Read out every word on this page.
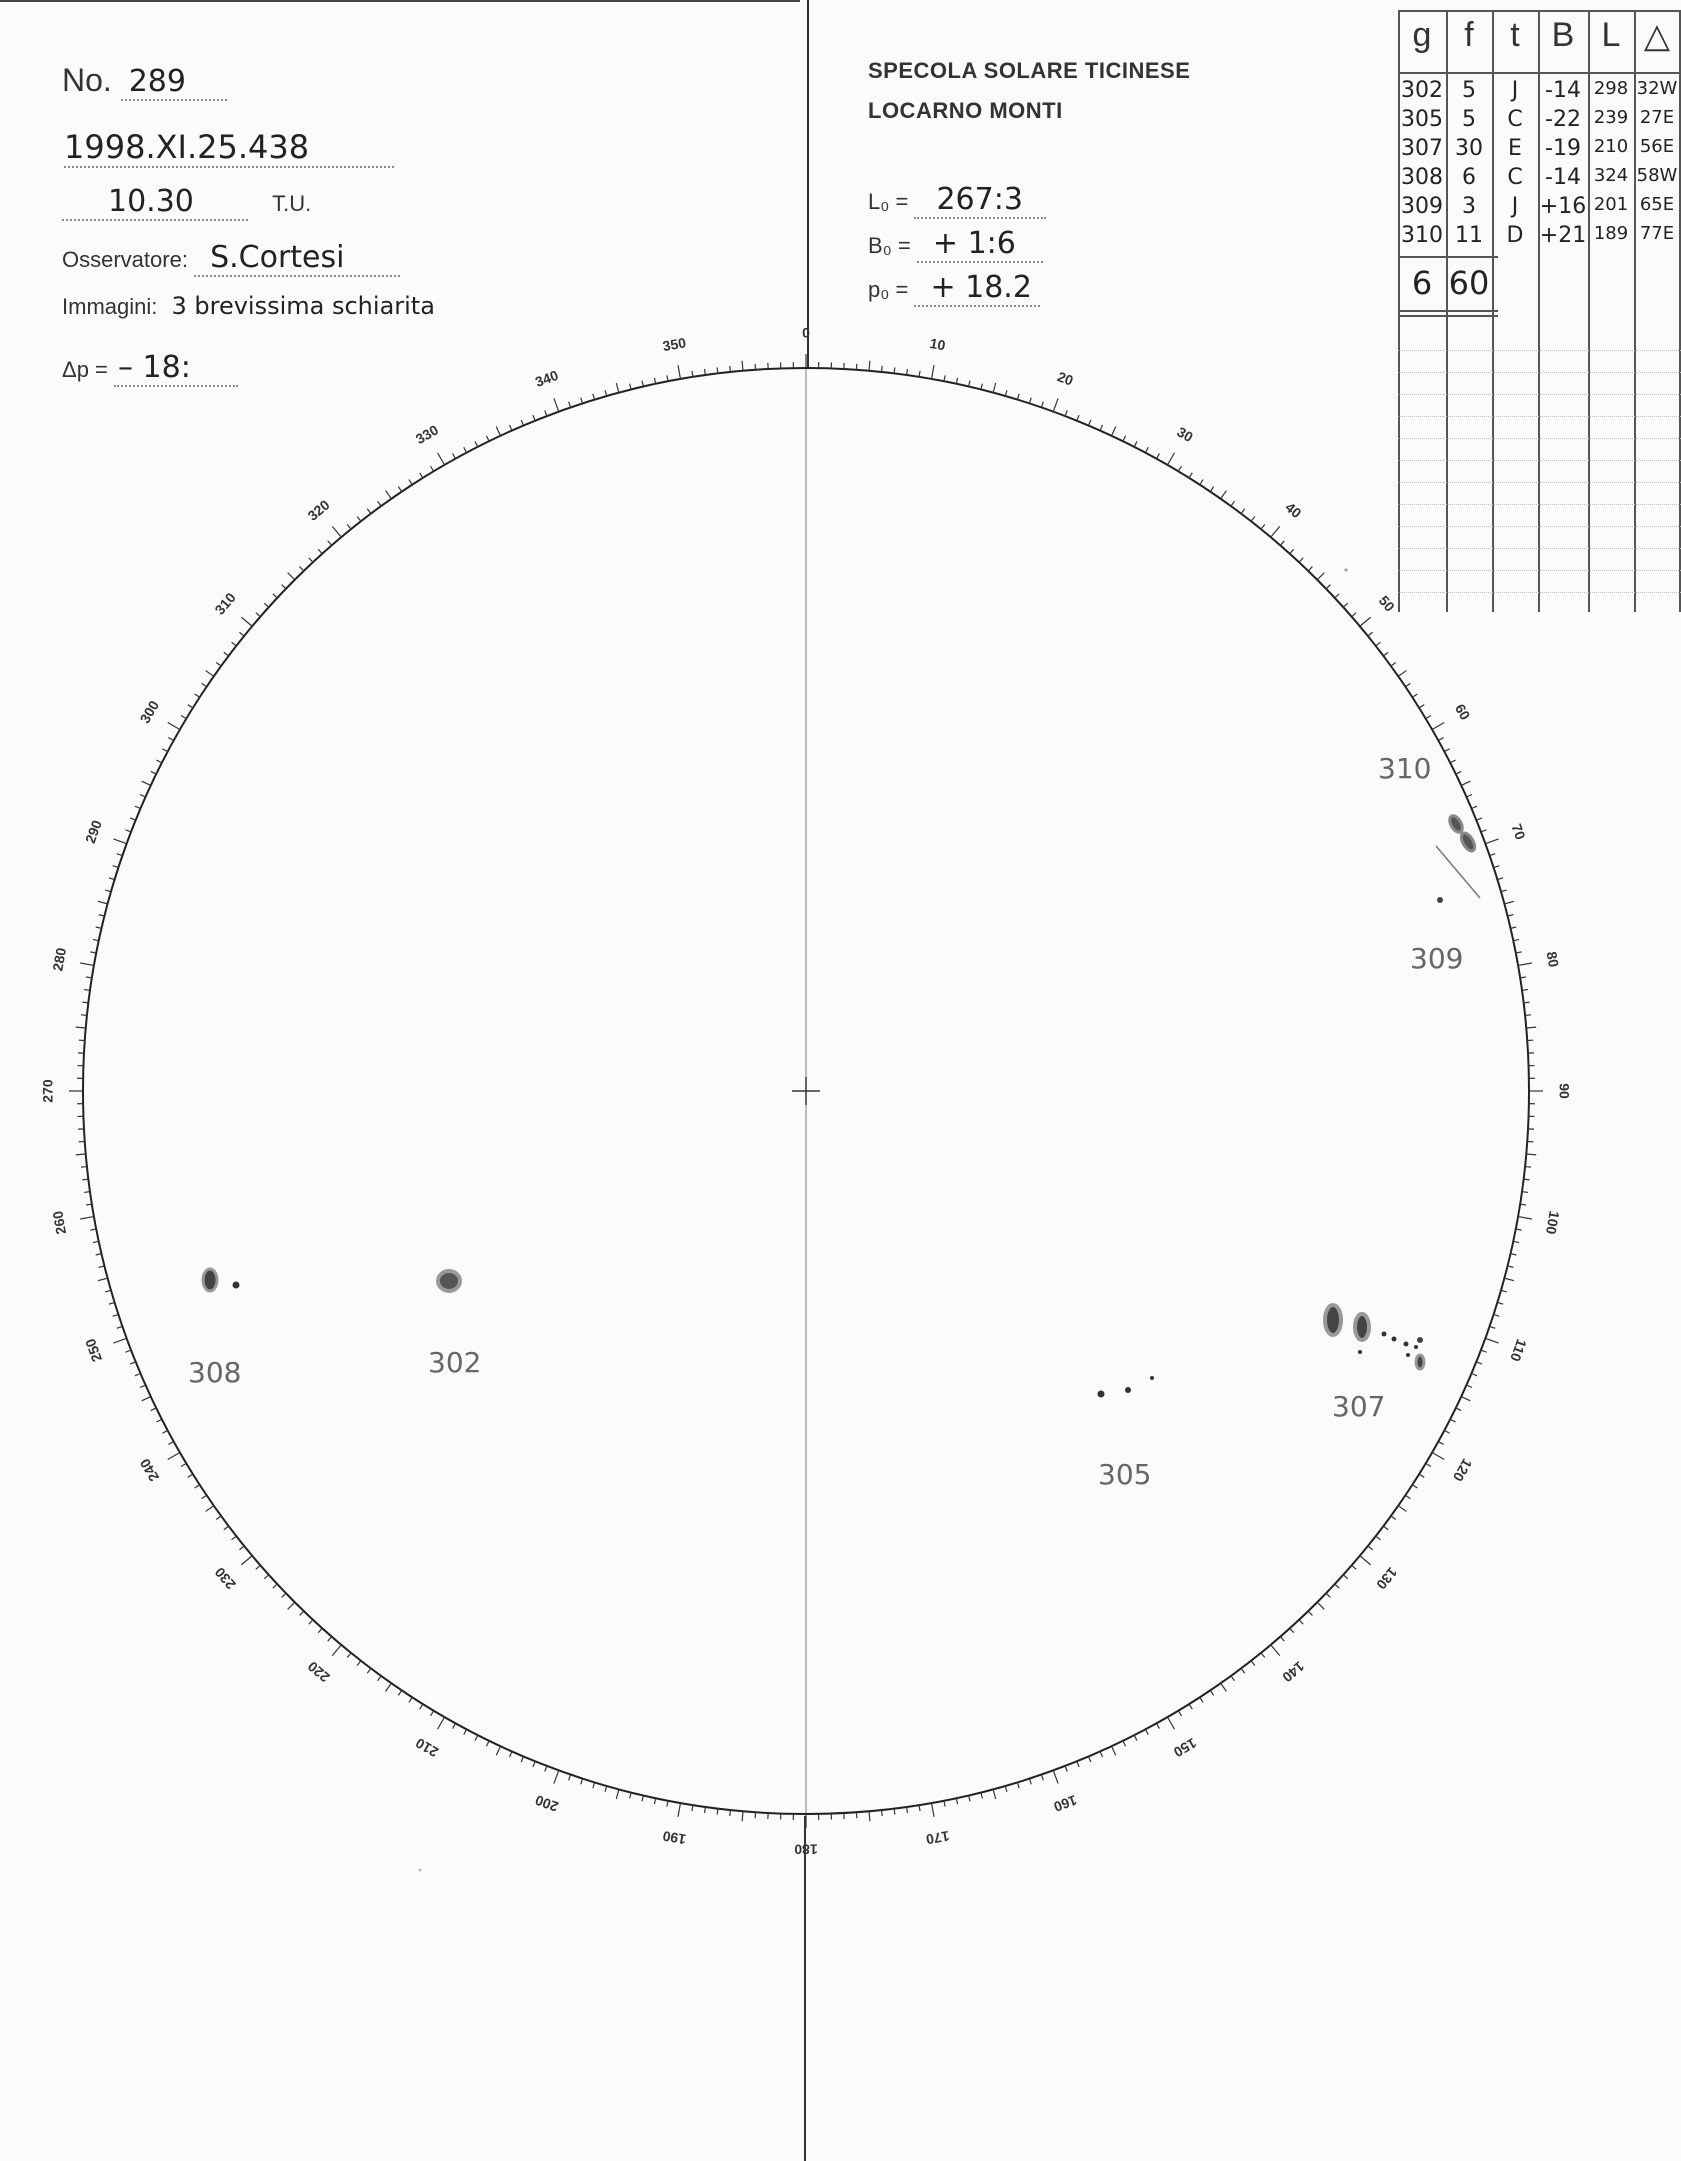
No. 289
1998.XI.25.438
10.30	T.U.
Osservatore: S.Cortesi
Immagini: 3 brevissima schiarita
Δp = – 18:
SPECOLA SOLARE TICINESE
LOCARNO MONTI
L₀ = 267:3
B₀ = + 1:6
p₀ = + 18.2
0
10
20
30
40
50
60
70
80
90
100
110
120
130
140
150
160
170
180
190
200
210
220
230
240
250
260
270
280
290
300
310
320
330
340
350
310
309
308	302
307
305
g f	t B L △
302 5	J	-14 298 32W
305 5	C	-22 239 27E
307 30	E	-19 210 56E
308 6	C	-14 324 58W
309 3	J +16 201 65E
310 11	D +21 189 77E
6 60
